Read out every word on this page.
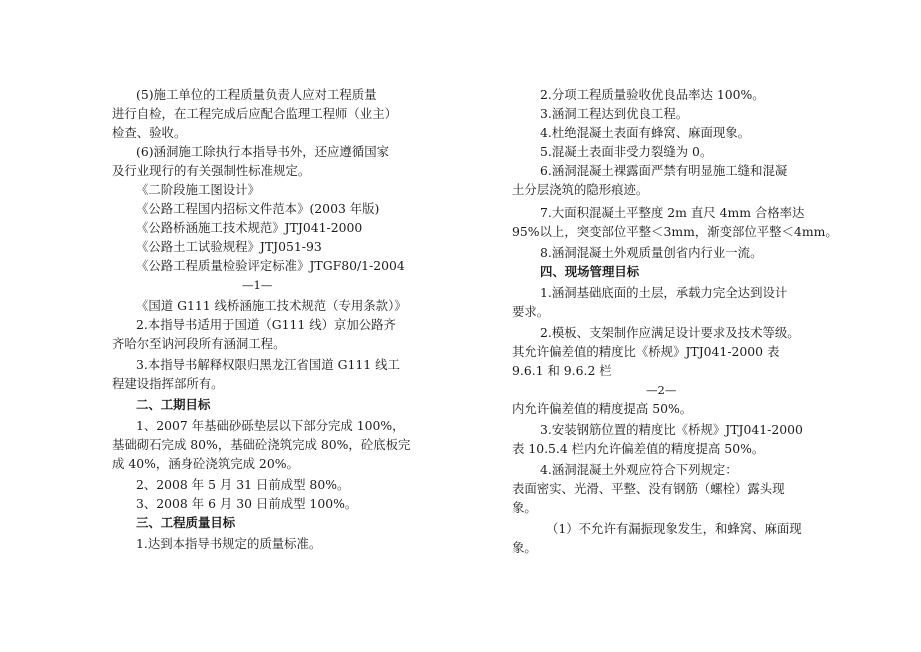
(5)施工单位的工程质量负责人应对工程质量
进行自检，在工程完成后应配合监理工程师（业主）
检查、验收。
(6)涵洞施工除执行本指导书外，还应遵循国家
及行业现行的有关强制性标准规定。
《二阶段施工图设计》
《公路工程国内招标文件范本》(2003 年版)
《公路桥涵施工技术规范》JTJ041-2000
《公路土工试验规程》JTJ051-93
《公路工程质量检验评定标准》JTGF80/1-2004
—1—
《国道 G111 线桥涵施工技术规范（专用条款）》
2.本指导书适用于国道（G111 线）京加公路齐
齐哈尔至讷河段所有涵洞工程。
3.本指导书解释权限归黑龙江省国道 G111 线工
程建设指挥部所有。
二、工期目标
1、2007 年基础砂砾垫层以下部分完成 100%，
基础砌石完成 80%，基础砼浇筑完成 80%，砼底板完
成 40%，涵身砼浇筑完成 20%。
2、2008 年 5 月 31 日前成型 80%。
3、2008 年 6 月 30 日前成型 100%。
三、工程质量目标
1.达到本指导书规定的质量标准。
2.分项工程质量验收优良品率达 100%。
3.涵洞工程达到优良工程。
4.杜绝混凝土表面有蜂窝、麻面现象。
5.混凝土表面非受力裂缝为 0。
6.涵洞混凝土裸露面严禁有明显施工缝和混凝
土分层浇筑的隐形痕迹。
7.大面积混凝土平整度 2m 直尺 4mm 合格率达
95%以上，突变部位平整＜3mm，渐变部位平整＜4mm。
8.涵洞混凝土外观质量创省内行业一流。
四、现场管理目标
1.涵洞基础底面的土层，承载力完全达到设计
要求。
2.模板、支架制作应满足设计要求及技术等级。
其允许偏差值的精度比《桥规》JTJ041-2000 表
9.6.1 和 9.6.2 栏
—2—
内允许偏差值的精度提高 50%。
3.安装钢筋位置的精度比《桥规》JTJ041-2000
表 10.5.4 栏内允许偏差值的精度提高 50%。
4.涵洞混凝土外观应符合下列规定：
表面密实、光滑、平整、没有钢筋（螺栓）露头现
象。
（1）不允许有漏振现象发生，和蜂窝、麻面现
象。
